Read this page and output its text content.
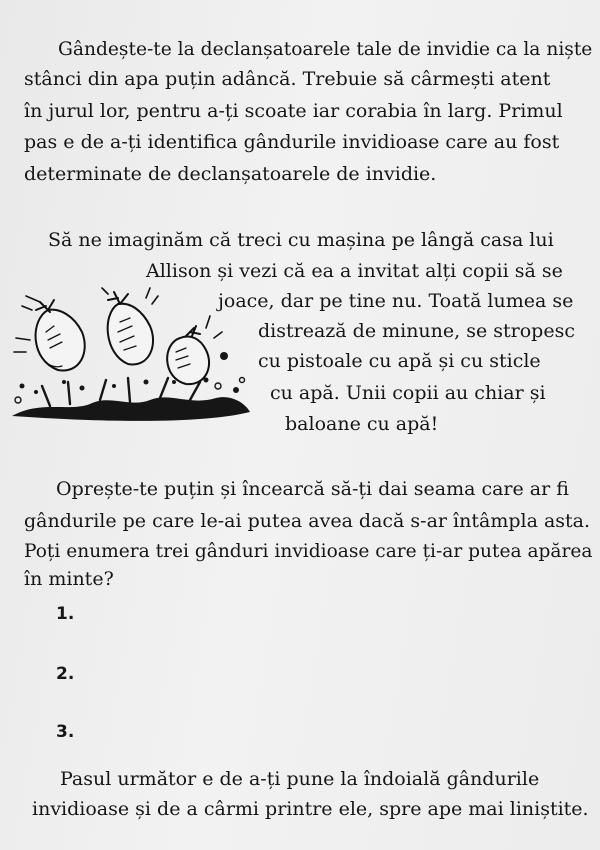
Gândește-te la declanșatoarele tale de invidie ca la niște

stânci din apa puțin adâncă. Trebuie să cârmești atent

în jurul lor, pentru a-ți scoate iar corabia în larg. Primul

pas e de a-ți identifica gândurile invidioase care au fost

determinate de declanșatoarele de invidie.

Să ne imaginăm că treci cu mașina pe lângă casa lui

Allison și vezi că ea a invitat alți copii să se

joace, dar pe tine nu. Toată lumea se

distrează de minune, se stropesc

cu pistoale cu apă și cu sticle

cu apă. Unii copii au chiar și

baloane cu apă!

Oprește-te puțin și încearcă să-ți dai seama care ar fi

gândurile pe care le-ai putea avea dacă s-ar întâmpla asta.

Poți enumera trei gânduri invidioase care ți-ar putea apărea

în minte?

1.

2.

3.

Pasul următor e de a-ți pune la îndoială gândurile

invidioase și de a cârmi printre ele, spre ape mai liniștite.
